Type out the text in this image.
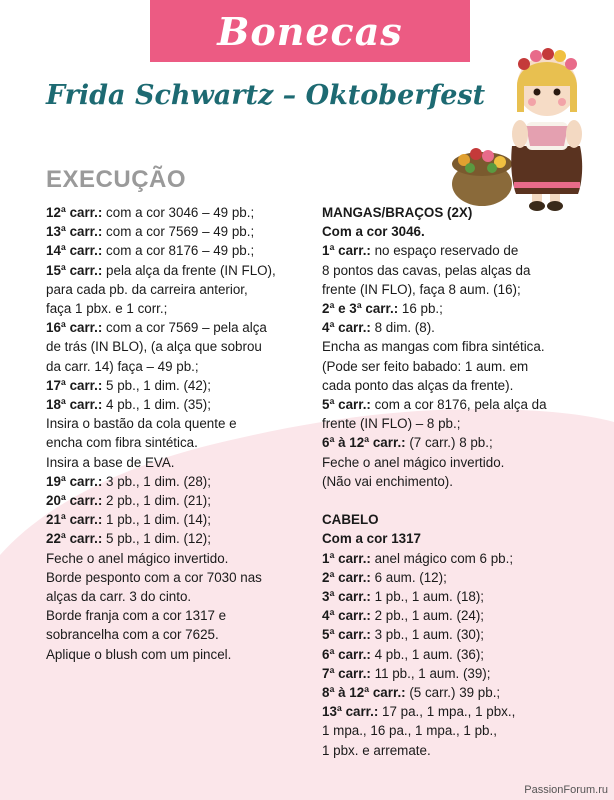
Bonecas
Frida Schwartz – Oktoberfest
EXECUÇÃO
12ª carr.: com a cor 3046 – 49 pb.;
13ª carr.: com a cor 7569 – 49 pb.;
14ª carr.: com a cor 8176 – 49 pb.;
15ª carr.: pela alça da frente (IN FLO),
para cada pb. da carreira anterior,
faça 1 pbx. e 1 corr.;
16ª carr.: com a cor 7569 – pela alça
de trás (IN BLO), (a alça que sobrou
da carr. 14) faça – 49 pb.;
17ª carr.: 5 pb., 1 dim. (42);
18ª carr.: 4 pb., 1 dim. (35);
Insira o bastão da cola quente e
encha com fibra sintética.
Insira a base de EVA.
19ª carr.: 3 pb., 1 dim. (28);
20ª carr.: 2 pb., 1 dim. (21);
21ª carr.: 1 pb., 1 dim. (14);
22ª carr.: 5 pb., 1 dim. (12);
Feche o anel mágico invertido.
Borde pesponto com a cor 7030 nas
alças da carr. 3 do cinto.
Borde franja com a cor 1317 e
sobrancelha com a cor 7625.
Aplique o blush com um pincel.
MANGAS/BRAÇOS (2X)
Com a cor 3046.
1ª carr.: no espaço reservado de
8 pontos das cavas, pelas alças da
frente (IN FLO), faça 8 aum. (16);
2ª e 3ª carr.: 16 pb.;
4ª carr.: 8 dim. (8).
Encha as mangas com fibra sintética.
(Pode ser feito babado: 1 aum. em
cada ponto das alças da frente).
5ª carr.: com a cor 8176, pela alça da
frente (IN FLO) – 8 pb.;
6ª à 12ª carr.: (7 carr.) 8 pb.;
Feche o anel mágico invertido.
(Não vai enchimento).
CABELO
Com a cor 1317
1ª carr.: anel mágico com 6 pb.;
2ª carr.: 6 aum. (12);
3ª carr.: 1 pb., 1 aum. (18);
4ª carr.: 2 pb., 1 aum. (24);
5ª carr.: 3 pb., 1 aum. (30);
6ª carr.: 4 pb., 1 aum. (36);
7ª carr.: 11 pb., 1 aum. (39);
8ª à 12ª carr.: (5 carr.) 39 pb.;
13ª carr.: 17 pa., 1 mpa., 1 pbx.,
1 mpa., 16 pa., 1 mpa., 1 pb.,
1 pbx. e arremate.
PassionForum.ru
